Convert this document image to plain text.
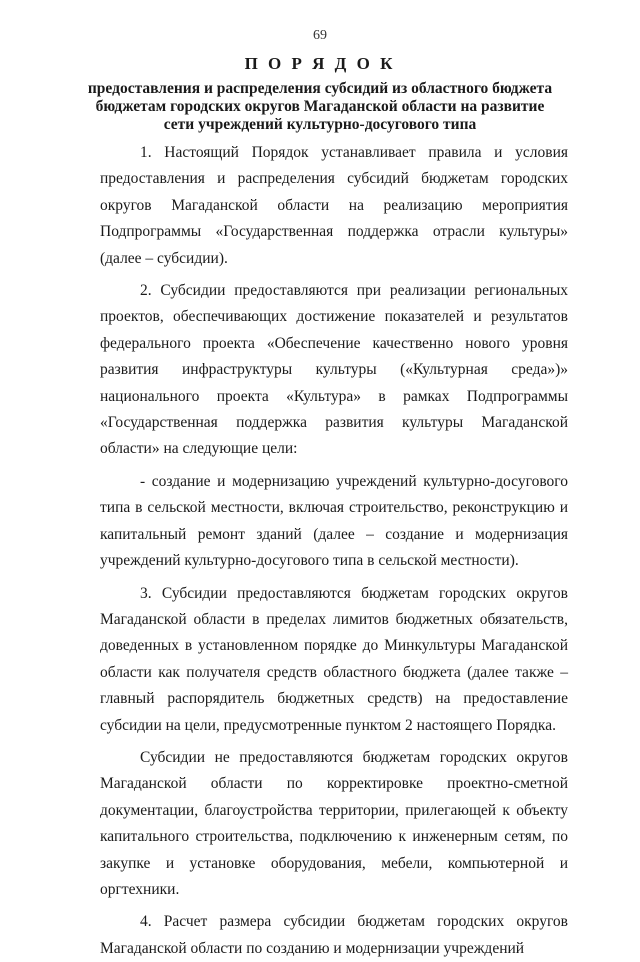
69
П О Р Я Д О К
предоставления и распределения субсидий из областного бюджета бюджетам городских округов Магаданской области на развитие сети учреждений культурно-досугового типа

1. Настоящий Порядок устанавливает правила и условия предоставления и распределения субсидий бюджетам городских округов Магаданской области на реализацию мероприятия Подпрограммы «Государственная поддержка отрасли культуры» (далее – субсидии).

2. Субсидии предоставляются при реализации региональных проектов, обеспечивающих достижение показателей и результатов федерального проекта «Обеспечение качественно нового уровня развития инфраструктуры культуры («Культурная среда»)» национального проекта «Культура» в рамках Подпрограммы «Государственная поддержка развития культуры Магаданской области» на следующие цели:

- создание и модернизацию учреждений культурно-досугового типа в сельской местности, включая строительство, реконструкцию и капитальный ремонт зданий (далее – создание и модернизация учреждений культурно-досугового типа в сельской местности).

3. Субсидии предоставляются бюджетам городских округов Магаданской области в пределах лимитов бюджетных обязательств, доведенных в установленном порядке до Минкультуры Магаданской области как получателя средств областного бюджета (далее также – главный распорядитель бюджетных средств) на предоставление субсидии на цели, предусмотренные пунктом 2 настоящего Порядка.

Субсидии не предоставляются бюджетам городских округов Магаданской области по корректировке проектно-сметной документации, благоустройства территории, прилегающей к объекту капитального строительства, подключению к инженерным сетям, по закупке и установке оборудования, мебели, компьютерной и оргтехники.

4. Расчет размера субсидии бюджетам городских округов Магаданской области по созданию и модернизации учреждений
